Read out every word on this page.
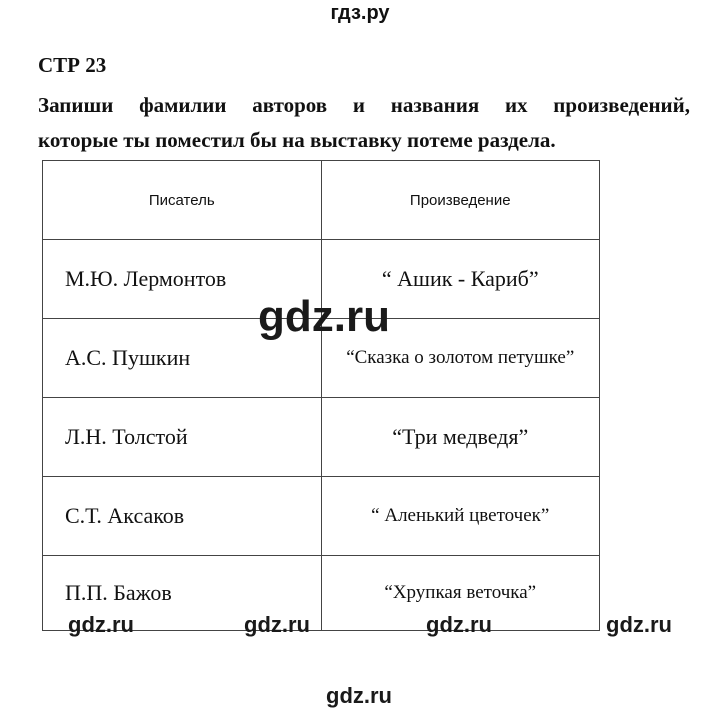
гдз.ру
СТР 23
Запиши фамилии авторов и названия их произведений,
которые ты поместил бы на выставку потеме раздела.
Писатель	Произведение
М.Ю. Лермонтов	“ Ашик - Кариб”
А.С. Пушкин	“Сказка о золотом петушке”
Л.Н. Толстой	“Три медведя”
С.Т. Аксаков	“ Аленький цветочек”
П.П. Бажов	“Хрупкая веточка”
gdz.ru
gdz.ru	gdz.ru	gdz.ru	gdz.ru
gdz.ru
